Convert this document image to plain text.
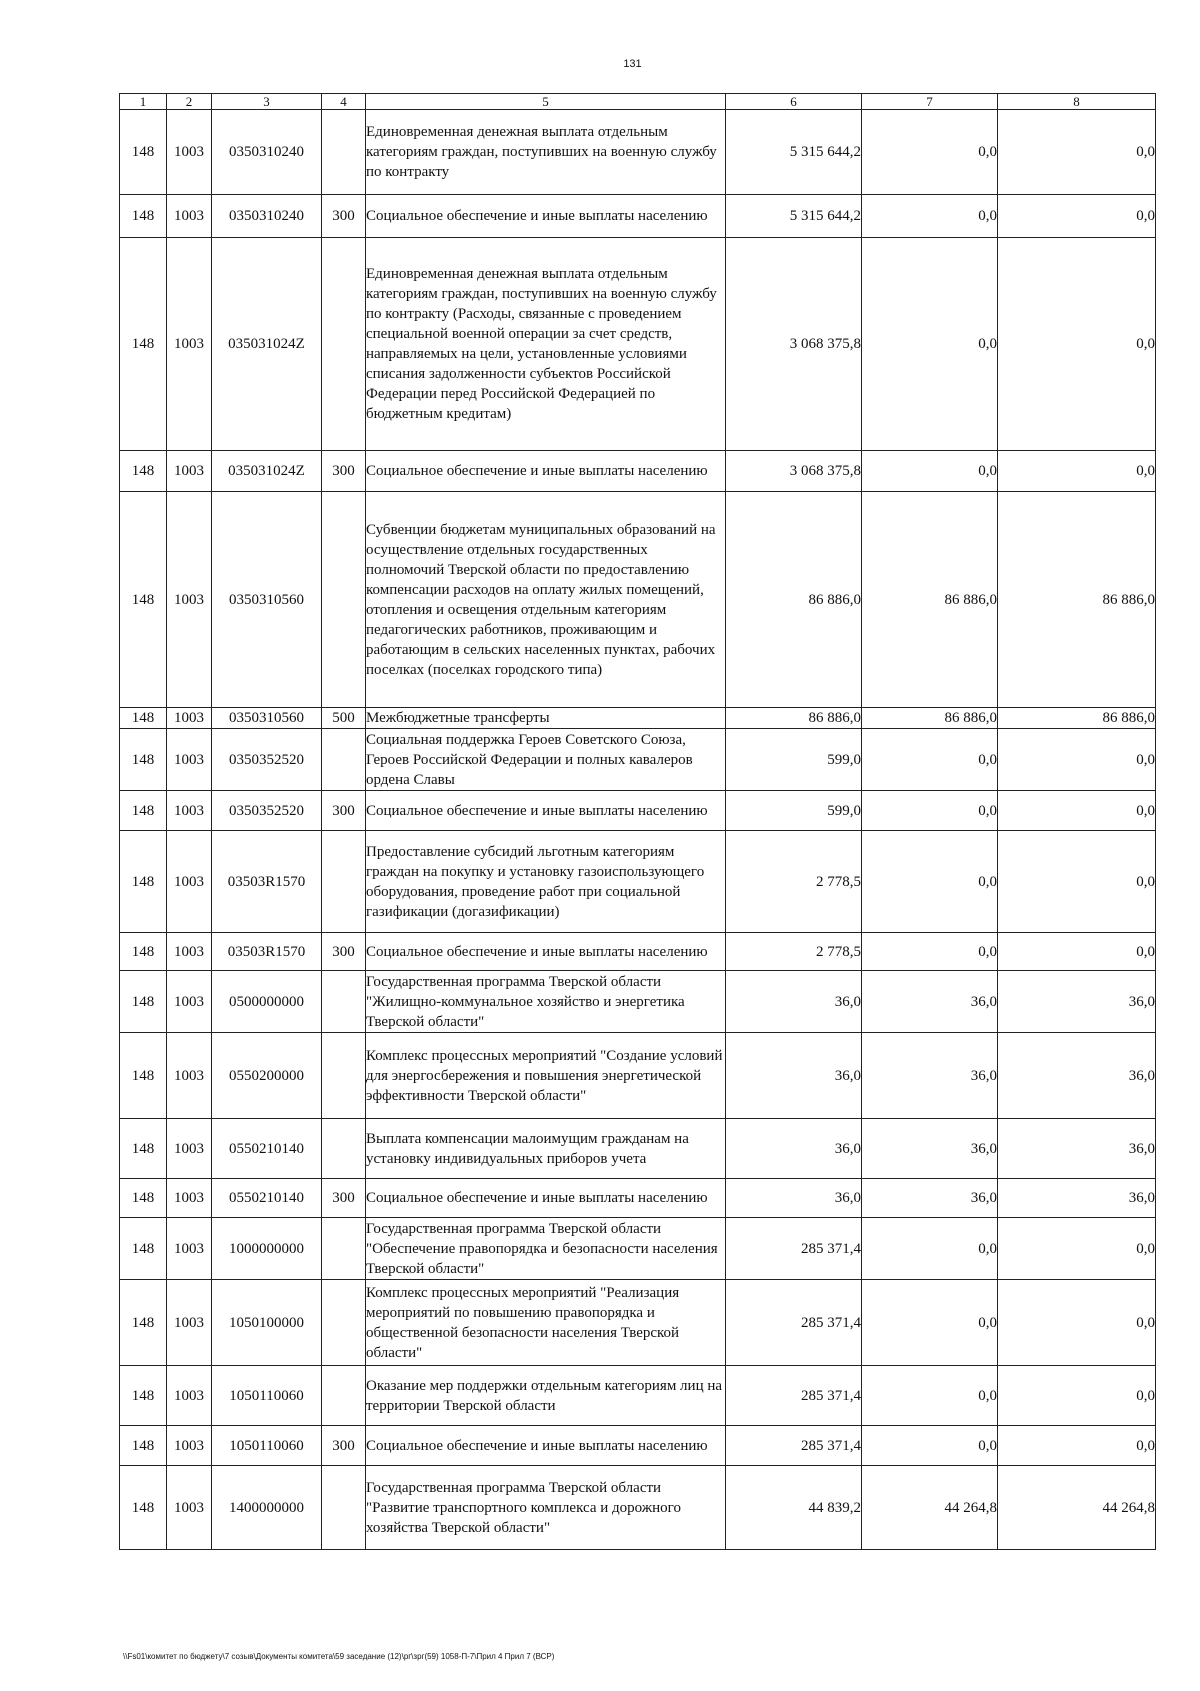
131
1	2	3	4	5	6	7	8
148	1003	0350310240		Единовременная денежная выплата отдельным категориям граждан, поступивших на военную службу по контракту	5 315 644,2	0,0	0,0
148	1003	0350310240	300	Социальное обеспечение и иные выплаты населению	5 315 644,2	0,0	0,0
148	1003	035031024Z		Единовременная денежная выплата отдельным категориям граждан, поступивших на военную службу по контракту (Расходы, связанные с проведением специальной военной операции за счет средств, направляемых на цели, установленные условиями списания задолженности субъектов Российской Федерации перед Российской Федерацией по бюджетным кредитам)	3 068 375,8	0,0	0,0
148	1003	035031024Z	300	Социальное обеспечение и иные выплаты населению	3 068 375,8	0,0	0,0
148	1003	0350310560		Субвенции бюджетам муниципальных образований на осуществление отдельных государственных полномочий Тверской области по предоставлению компенсации расходов на оплату жилых помещений, отопления и освещения отдельным категориям педагогических работников, проживающим и работающим в сельских населенных пунктах, рабочих поселках (поселках городского типа)	86 886,0	86 886,0	86 886,0
148	1003	0350310560	500	Межбюджетные трансферты	86 886,0	86 886,0	86 886,0
148	1003	0350352520		Социальная поддержка Героев Советского Союза, Героев Российской Федерации и полных кавалеров ордена Славы	599,0	0,0	0,0
148	1003	0350352520	300	Социальное обеспечение и иные выплаты населению	599,0	0,0	0,0
148	1003	03503R1570		Предоставление субсидий льготным категориям граждан на покупку и установку газоиспользующего оборудования, проведение работ при социальной газификации (догазификации)	2 778,5	0,0	0,0
148	1003	03503R1570	300	Социальное обеспечение и иные выплаты населению	2 778,5	0,0	0,0
148	1003	0500000000		Государственная программа Тверской области "Жилищно-коммунальное хозяйство и энергетика Тверской области"	36,0	36,0	36,0
148	1003	0550200000		Комплекс процессных мероприятий "Создание условий для энергосбережения и повышения энергетической эффективности Тверской области"	36,0	36,0	36,0
148	1003	0550210140		Выплата компенсации малоимущим гражданам на установку индивидуальных приборов учета	36,0	36,0	36,0
148	1003	0550210140	300	Социальное обеспечение и иные выплаты населению	36,0	36,0	36,0
148	1003	1000000000		Государственная программа Тверской области "Обеспечение правопорядка и безопасности населения Тверской области"	285 371,4	0,0	0,0
148	1003	1050100000		Комплекс процессных мероприятий "Реализация мероприятий по повышению правопорядка и общественной безопасности населения Тверской области"	285 371,4	0,0	0,0
148	1003	1050110060		Оказание мер поддержки отдельным категориям лиц на территории Тверской области	285 371,4	0,0	0,0
148	1003	1050110060	300	Социальное обеспечение и иные выплаты населению	285 371,4	0,0	0,0
148	1003	1400000000		Государственная программа Тверской области "Развитие транспортного комплекса и дорожного хозяйства Тверской области"	44 839,2	44 264,8	44 264,8
\\Fs01\комитет по бюджету\7 созыв\Документы комитета\59 заседание (12)\рг\зрг(59) 1058-П-7\Прил 4 Прил 7 (ВСР)
